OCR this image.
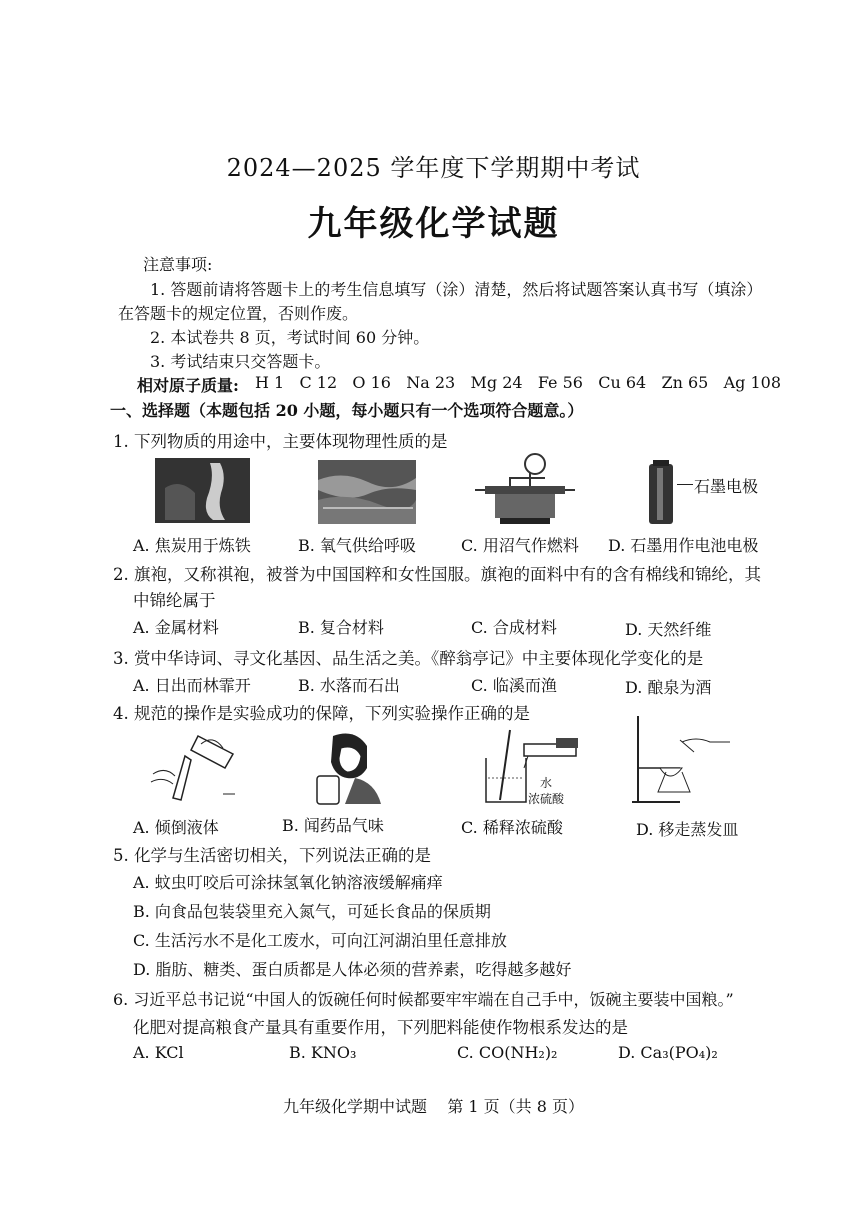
2024—2025 学年度下学期期中考试
九年级化学试题
注意事项:
1. 答题前请将答题卡上的考生信息填写（涂）清楚，然后将试题答案认真书写（填涂）
在答题卡的规定位置，否则作废。
2. 本试卷共 8 页，考试时间 60 分钟。
3. 考试结束只交答题卡。
相对原子质量: H 1   C 12   O 16   Na 23   Mg 24   Fe 56   Cu 64   Zn 65   Ag 108
一、选择题（本题包括 20 小题，每小题只有一个选项符合题意。）
1. 下列物质的用途中，主要体现物理性质的是
石墨电极
A. 焦炭用于炼铁	B. 氧气供给呼吸	C. 用沼气作燃料 D. 石墨用作电池电极
2. 旗袍，又称祺袍，被誉为中国国粹和女性国服。旗袍的面料中有的含有棉线和锦纶，其
中锦纶属于
A. 金属材料	B. 复合材料	C. 合成材料	D. 天然纤维
3. 赏中华诗词、寻文化基因、品生活之美。《醉翁亭记》中主要体现化学变化的是
A. 日出而林霏开	B. 水落而石出	C. 临溪而渔	D. 酿泉为酒
4. 规范的操作是实验成功的保障，下列实验操作正确的是
水
浓硫酸
A. 倾倒液体	B. 闻药品气味	C. 稀释浓硫酸	D. 移走蒸发皿
5. 化学与生活密切相关，下列说法正确的是
A. 蚊虫叮咬后可涂抹氢氧化钠溶液缓解痛痒
B. 向食品包装袋里充入氮气，可延长食品的保质期
C. 生活污水不是化工废水，可向江河湖泊里任意排放
D. 脂肪、糖类、蛋白质都是人体必须的营养素，吃得越多越好
6. 习近平总书记说“中国人的饭碗任何时候都要牢牢端在自己手中，饭碗主要装中国粮。”
化肥对提高粮食产量具有重要作用，下列肥料能使作物根系发达的是
A. KCl	B. KNO₃	C. CO(NH₂)₂	D. Ca₃(PO₄)₂
九年级化学期中试题    第 1 页（共 8 页）
